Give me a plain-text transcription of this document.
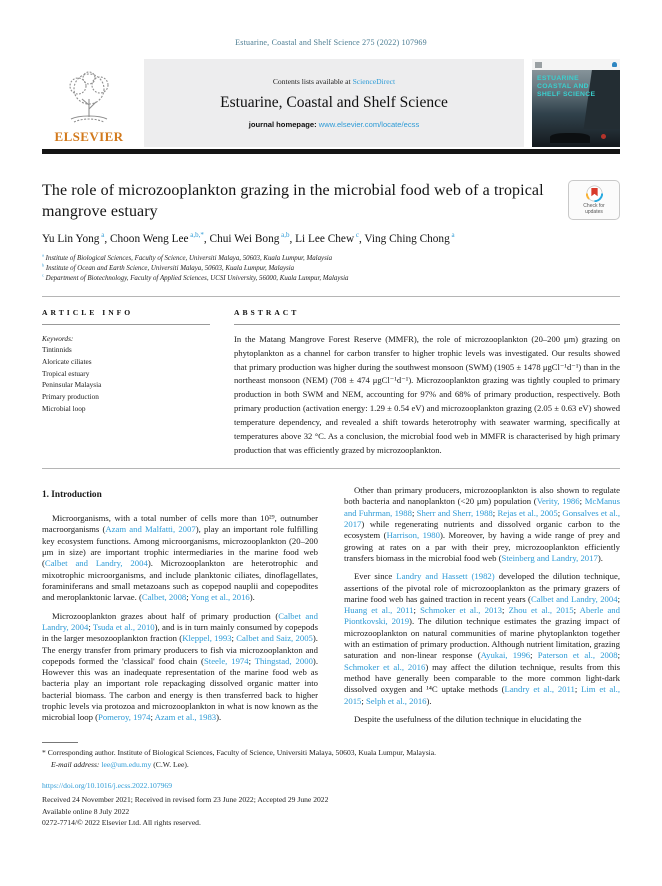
Estuarine, Coastal and Shelf Science 275 (2022) 107969
ELSEVIER
Contents lists available at ScienceDirect
Estuarine, Coastal and Shelf Science
journal homepage: www.elsevier.com/locate/ecss
ESTUARINE
COASTAL AND
SHELF SCIENCE
The role of microzooplankton grazing in the microbial food web of a tropical mangrove estuary	Check for
updates
Yu Lin Yong $^a$, Choon Weng Lee $^{a,b,*}$, Chui Wei Bong $^{a,b}$, Li Lee Chew $^c$, Ving Ching Chong $^a$
$^a$ Institute of Biological Sciences, Faculty of Science, Universiti Malaya, 50603, Kuala Lumpur, Malaysia
$^b$ Institute of Ocean and Earth Science, Universiti Malaya, 50603, Kuala Lumpur, Malaysia
$^c$ Department of Biotechnology, Faculty of Applied Sciences, UCSI University, 56000, Kuala Lumpur, Malaysia
ARTICLE INFO
Keywords:
Tintinnids
Aloricate ciliates
Tropical estuary
Peninsular Malaysia
Primary production
Microbial loop
ABSTRACT

In the Matang Mangrove Forest Reserve (MMFR), the role of microzooplankton (20–200 μm) grazing on phytoplankton as a channel for carbon transfer to higher trophic levels was investigated. Our results showed that primary production was higher during the southwest monsoon (SWM) (1905 ± 1478 μgCl⁻¹d⁻¹) than in the northeast monsoon (NEM) (708 ± 474 μgCl⁻¹d⁻¹). Microzooplankton grazing was tightly coupled to primary production in both SWM and NEM, accounting for 97% and 68% of primary production, respectively. Both primary production (activation energy: 1.29 ± 0.54 eV) and microzooplankton grazing (2.05 ± 0.63 eV) showed temperature dependency, and revealed a shift towards heterotrophy with seawater warming, specifically at temperatures above 32 °C. As a conclusion, the microbial food web in MMFR is characterised by high primary production that was efficiently grazed by microzooplankton.

1. Introduction

Microorganisms, with a total number of cells more than 10²⁹, outnumber macroorganisms (Azam and Malfatti, 2007), play an important role fulfilling key ecosystem functions. Among microorganisms, microzooplankton (20–200 μm in size) are important trophic intermediaries in the marine food web (Calbet and Landry, 2004). Microzooplankton are heterotrophic and mixotrophic microorganisms, and include planktonic ciliates, dinoflagellates, foraminiferans and small metazoans such as copepod nauplii and copepodites and meroplanktonic larvae. (Calbet, 2008; Yong et al., 2016).

Microzooplankton grazes about half of primary production (Calbet and Landry, 2004; Tsuda et al., 2010), and is in turn mainly consumed by copepods in the larger mesozooplankton fraction (Kleppel, 1993; Calbet and Saiz, 2005). The energy transfer from primary producers to fish via microzooplankton and copepods formed the 'classical' food chain (Steele, 1974; Thingstad, 2000). However this was an inadequate representation of the marine food web as bacteria play an important role repackaging dissolved organic matter into bacterial biomass. The carbon and energy is then transferred back to higher trophic levels via protozoa and microzooplankton in what is now known as the microbial loop (Pomeroy, 1974; Azam et al., 1983).

Other than primary producers, microzooplankton is also shown to regulate both bacteria and nanoplankton (<20 μm) population (Verity, 1986; McManus and Fuhrman, 1988; Sherr and Sherr, 1988; Rejas et al., 2005; Gonsalves et al., 2017) while regenerating nutrients and dissolved organic carbon to the ecosystem (Harrison, 1980). Moreover, by having a wide range of prey and growing at rates on a par with their prey, microzooplankton efficiently transfers biomass in the microbial food web (Steinberg and Landry, 2017).

Ever since Landry and Hassett (1982) developed the dilution technique, assertions of the pivotal role of microzooplankton as the primary grazers of marine food web has gained traction in recent years (Calbet and Landry, 2004; Huang et al., 2011; Schmoker et al., 2013; Zhou et al., 2015; Aberle and Piontkovski, 2019). The dilution technique estimates the grazing impact of microzooplankton on natural communities of marine phytoplankton together with an estimation of primary production. Although nutrient limitation, grazing saturation and non-linear response (Ayukai, 1996; Paterson et al., 2008; Schmoker et al., 2016) may affect the dilution technique, results from this method have generally been comparable to the more common light-dark dissolved oxygen and ¹⁴C uptake methods (Landry et al., 2011; Lim et al., 2015; Selph et al., 2016).

Despite the usefulness of the dilution technique in elucidating the

* Corresponding author. Institute of Biological Sciences, Faculty of Science, Universiti Malaya, 50603, Kuala Lumpur, Malaysia.

E-mail address: lee@um.edu.my (C.W. Lee).

https://doi.org/10.1016/j.ecss.2022.107969
Received 24 November 2021; Received in revised form 23 June 2022; Accepted 29 June 2022
Available online 8 July 2022
0272-7714/© 2022 Elsevier Ltd. All rights reserved.
